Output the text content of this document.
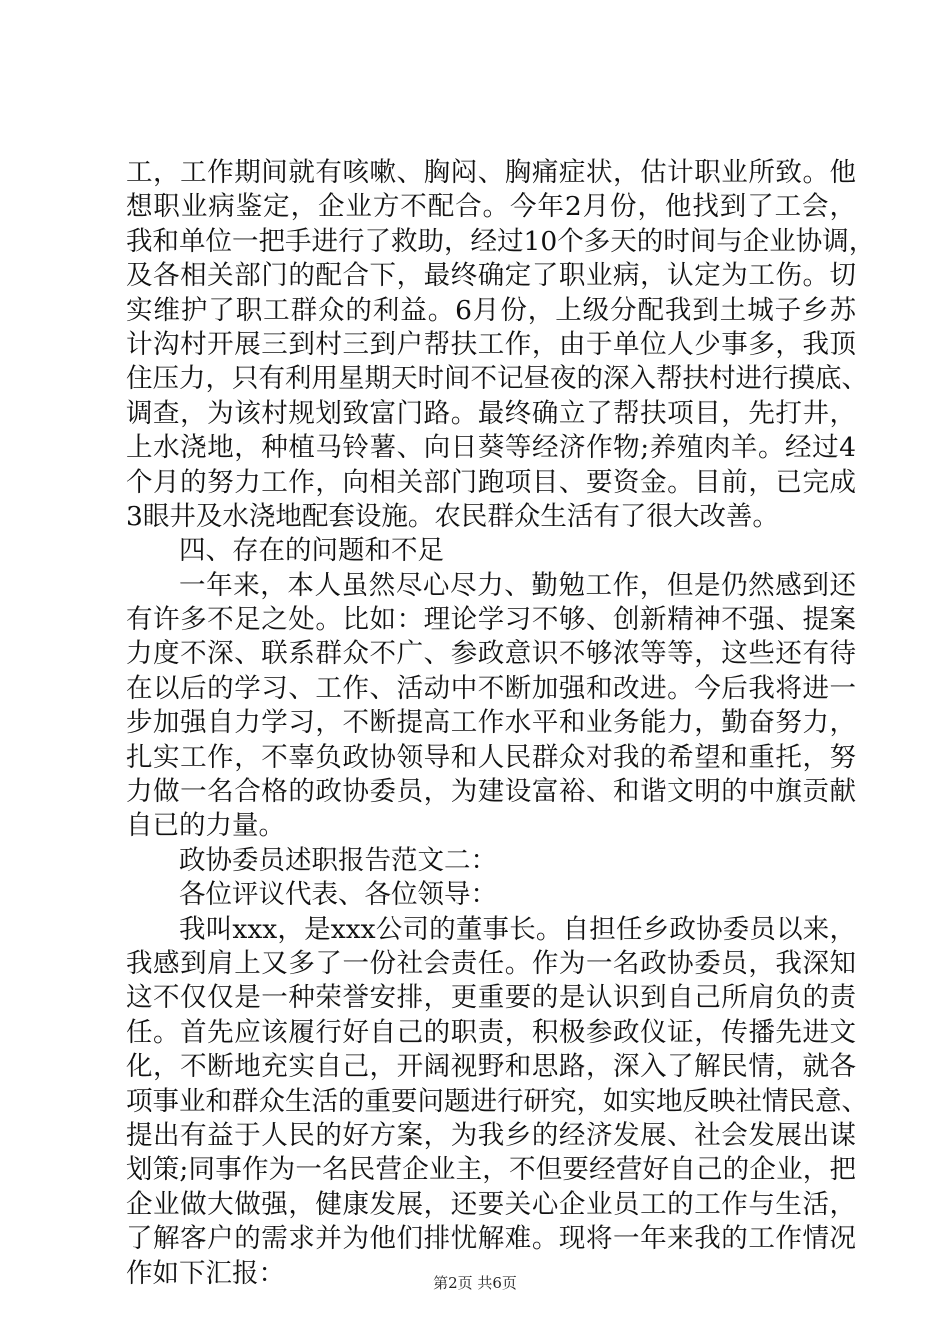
工，工作期间就有咳嗽、胸闷、胸痛症状，估计职业所致。他
想职业病鉴定，企业方不配合。今年2月份，他找到了工会，
我和单位一把手进行了救助，经过10个多天的时间与企业协调，
及各相关部门的配合下，最终确定了职业病，认定为工伤。切
实维护了职工群众的利益。6月份，上级分配我到土城子乡苏
计沟村开展三到村三到户帮扶工作，由于单位人少事多，我顶
住压力，只有利用星期天时间不记昼夜的深入帮扶村进行摸底、
调查，为该村规划致富门路。最终确立了帮扶项目，先打井，
上水浇地，种植马铃薯、向日葵等经济作物;养殖肉羊。经过4
个月的努力工作，向相关部门跑项目、要资金。目前，已完成
3眼井及水浇地配套设施。农民群众生活有了很大改善。
四、存在的问题和不足
一年来，本人虽然尽心尽力、勤勉工作，但是仍然感到还
有许多不足之处。比如：理论学习不够、创新精神不强、提案
力度不深、联系群众不广、参政意识不够浓等等，这些还有待
在以后的学习、工作、活动中不断加强和改进。今后我将进一
步加强自力学习，不断提高工作水平和业务能力，勤奋努力，
扎实工作，不辜负政协领导和人民群众对我的希望和重托，努
力做一名合格的政协委员，为建设富裕、和谐文明的中旗贡献
自已的力量。
政协委员述职报告范文二：
各位评议代表、各位领导：
我叫xxx，是xxx公司的董事长。自担任乡政协委员以来，
我感到肩上又多了一份社会责任。作为一名政协委员，我深知
这不仅仅是一种荣誉安排，更重要的是认识到自己所肩负的责
任。首先应该履行好自己的职责，积极参政仪证，传播先进文
化，不断地充实自己，开阔视野和思路，深入了解民情，就各
项事业和群众生活的重要问题进行研究，如实地反映社情民意、
提出有益于人民的好方案，为我乡的经济发展、社会发展出谋
划策;同事作为一名民营企业主，不但要经营好自己的企业，把
企业做大做强，健康发展，还要关心企业员工的工作与生活，
了解客户的需求并为他们排忧解难。现将一年来我的工作情况
作如下汇报：	第2页 共6页
